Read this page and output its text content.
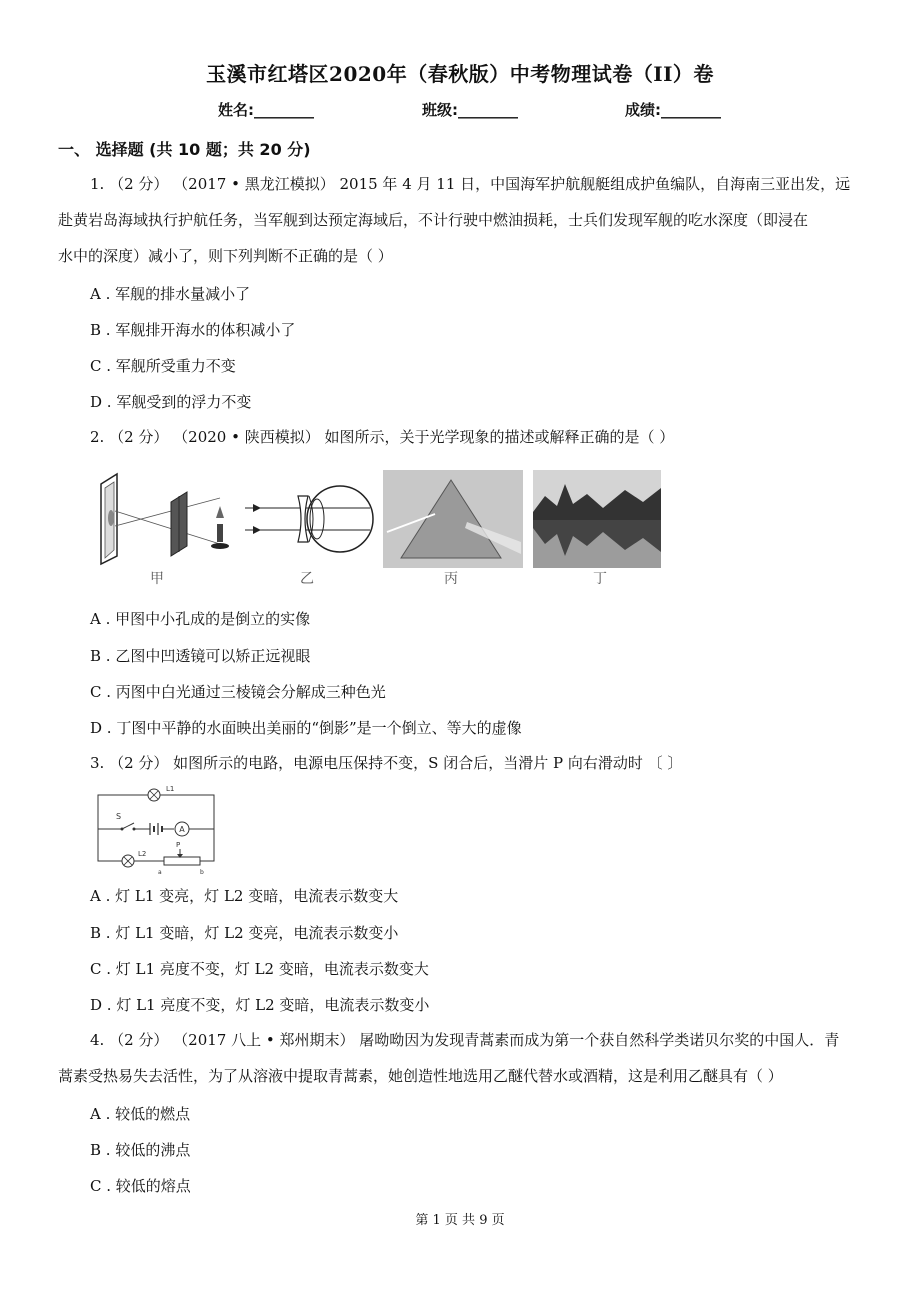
玉溪市红塔区2020年（春秋版）中考物理试卷（II）卷
姓名:________	班级:________	成绩:________
一、 选择题 (共 10 题；共 20 分)
1. （2 分） （2017 • 黑龙江模拟） 2015 年 4 月 11 日，中国海军护航舰艇组成护鱼编队，自海南三亚出发，远
赴黄岩岛海域执行护航任务，当军舰到达预定海域后，不计行驶中燃油损耗，士兵们发现军舰的吃水深度（即浸在
水中的深度）减小了，则下列判断不正确的是（ ）
A . 军舰的排水量减小了
B . 军舰排开海水的体积减小了
C . 军舰所受重力不变
D . 军舰受到的浮力不变
2. （2 分） （2020 • 陕西模拟） 如图所示，关于光学现象的描述或解释正确的是（ ）
甲	乙	丙	丁
A . 甲图中小孔成的是倒立的实像
B . 乙图中凹透镜可以矫正远视眼
C . 丙图中白光通过三棱镜会分解成三种色光
D . 丁图中平静的水面映出美丽的“倒影”是一个倒立、等大的虚像
3. （2 分） 如图所示的电路，电源电压保持不变，S 闭合后，当滑片 P 向右滑动时 〔 〕
L1
S
A
L2
P
a	b
A . 灯 L1 变亮，灯 L2 变暗，电流表示数变大
B . 灯 L1 变暗，灯 L2 变亮，电流表示数变小
C . 灯 L1 亮度不变，灯 L2 变暗，电流表示数变大
D . 灯 L1 亮度不变，灯 L2 变暗，电流表示数变小
4. （2 分） （2017 八上 • 郑州期末） 屠呦呦因为发现青蒿素而成为第一个获自然科学类诺贝尔奖的中国人．青
蒿素受热易失去活性，为了从溶液中提取青蒿素，她创造性地选用乙醚代替水或酒精，这是利用乙醚具有（ ）
A . 较低的燃点
B . 较低的沸点
C . 较低的熔点
第 1 页 共 9 页
